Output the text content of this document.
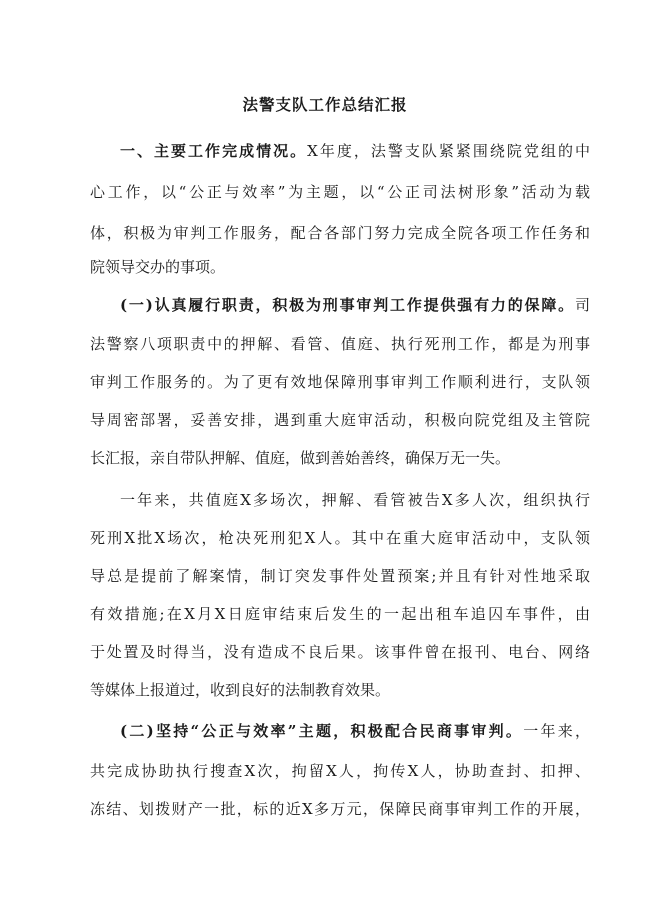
法警支队工作总结汇报
一、主要工作完成情况。X年度，法警支队紧紧围绕院党组的中
心工作，以“公正与效率”为主题，以“公正司法树形象”活动为载
体，积极为审判工作服务，配合各部门努力完成全院各项工作任务和
院领导交办的事项。
(一)认真履行职责，积极为刑事审判工作提供强有力的保障。司
法警察八项职责中的押解、看管、值庭、执行死刑工作，都是为刑事
审判工作服务的。为了更有效地保障刑事审判工作顺利进行，支队领
导周密部署，妥善安排，遇到重大庭审活动，积极向院党组及主管院
长汇报，亲自带队押解、值庭，做到善始善终，确保万无一失。
一年来，共值庭X多场次，押解、看管被告X多人次，组织执行
死刑X批X场次，枪决死刑犯X人。其中在重大庭审活动中，支队领
导总是提前了解案情，制订突发事件处置预案;并且有针对性地采取
有效措施;在X月X日庭审结束后发生的一起出租车追囚车事件，由
于处置及时得当，没有造成不良后果。该事件曾在报刊、电台、网络
等媒体上报道过，收到良好的法制教育效果。
(二)坚持“公正与效率”主题，积极配合民商事审判。一年来，
共完成协助执行搜查X次，拘留X人，拘传X人，协助查封、扣押、
冻结、划拨财产一批，标的近X多万元，保障民商事审判工作的开展，
